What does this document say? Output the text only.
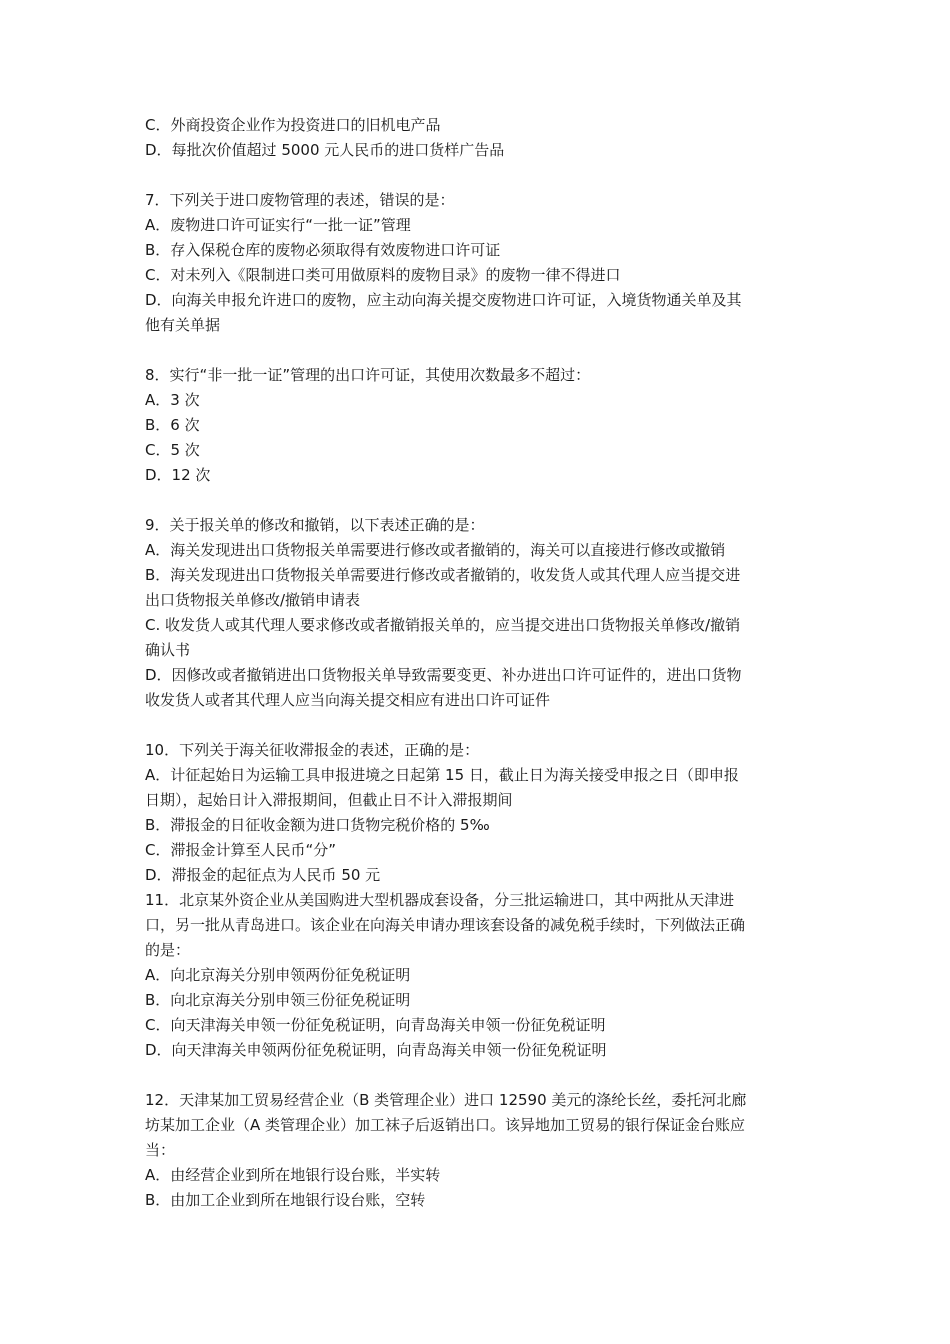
C．外商投资企业作为投资进口的旧机电产品

D．每批次价值超过 5000 元人民币的进口货样广告品

7．下列关于进口废物管理的表述，错误的是：

A．废物进口许可证实行“一批一证”管理

B．存入保税仓库的废物必须取得有效废物进口许可证

C．对未列入《限制进口类可用做原料的废物目录》的废物一律不得进口

D．向海关申报允许进口的废物，应主动向海关提交废物进口许可证，入境货物通关单及其

他有关单据

8．实行“非一批一证”管理的出口许可证，其使用次数最多不超过：

A．3 次

B．6 次

C．5 次

D．12 次

9．关于报关单的修改和撤销，以下表述正确的是：

A．海关发现进出口货物报关单需要进行修改或者撤销的，海关可以直接进行修改或撤销

B．海关发现进出口货物报关单需要进行修改或者撤销的，收发货人或其代理人应当提交进

出口货物报关单修改/撤销申请表

C. 收发货人或其代理人要求修改或者撤销报关单的，应当提交进出口货物报关单修改/撤销

确认书

D．因修改或者撤销进出口货物报关单导致需要变更、补办进出口许可证件的，进出口货物

收发货人或者其代理人应当向海关提交相应有进出口许可证件

10．下列关于海关征收滞报金的表述，正确的是：

A．计征起始日为运输工具申报进境之日起第 15 日，截止日为海关接受申报之日（即申报

日期），起始日计入滞报期间，但截止日不计入滞报期间

B．滞报金的日征收金额为进口货物完税价格的 5‰

C．滞报金计算至人民币“分”

D．滞报金的起征点为人民币 50 元

11．北京某外资企业从美国购进大型机器成套设备，分三批运输进口，其中两批从天津进

口，另一批从青岛进口。该企业在向海关申请办理该套设备的减免税手续时，下列做法正确

的是：

A．向北京海关分别申领两份征免税证明

B．向北京海关分别申领三份征免税证明

C．向天津海关申领一份征免税证明，向青岛海关申领一份征免税证明

D．向天津海关申领两份征免税证明，向青岛海关申领一份征免税证明

12．天津某加工贸易经营企业（B 类管理企业）进口 12590 美元的涤纶长丝，委托河北廊

坊某加工企业（A 类管理企业）加工袜子后返销出口。该异地加工贸易的银行保证金台账应

当：

A．由经营企业到所在地银行设台账，半实转

B．由加工企业到所在地银行设台账，空转
